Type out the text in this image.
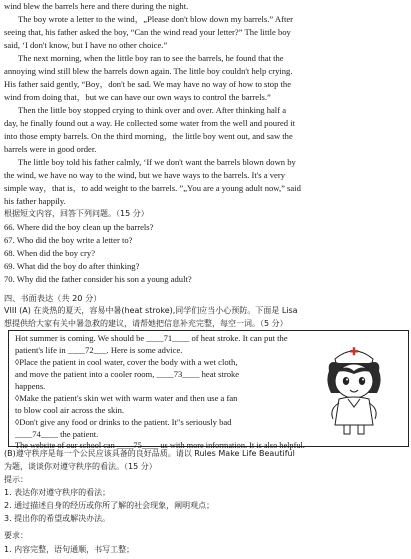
wind blew the barrels here and there during the night.
The boy wrote a letter to the wind，„Please don't blow down my barrels.” After
seeing that, his father asked the boy, “Can the wind read your letter?” The little boy
said, ‘I don't know, but I have no other choice.”
The next morning, when the little boy ran to see the barrels, he found that the
annoying wind still blew the barrels down again. The little boy couldn't help crying.
His father said gently, “Boy，don't be sad. We may have no way of how to stop the
wind from doing that，but we can have our own ways to control the barrels.”
Then the little boy stopped crying to think over and over. After thinking half a
day, he finally found out a way. He collected some water from the well and poured it
into those empty barrels. On the third morning，the little boy went out, and saw the
barrels were in good order.
The little boy told his father calmly, ‘If we don't want the barrels blown down by
the wind, we have no way to the wind, but we have ways to the barrels. It's a very
simple way，that is，to add weight to the barrels. ”„You are a young adult now,” said
his father happily.
根据短文内容，回答下列问题。（15 分）
66. Where did the boy clean up the barrels?
67. Who did the boy write a letter to?
68. When did the boy cry?
69. What did the boy do after thinking?
70. Why did the father consider his son a young adult?
四、书面表达（共 20 分）
VIII (A) 在炎热的夏天，容易中暑(heat stroke),同学们应当小心预防。下面是 Lisa
想提供给大家有关中暑急救的建议，请帮她把信息补充完整，每空一词。（5 分）
Hot summer is coming. We should be ____71____ of heat stroke. It can put the
patient's life in ____72___. Here is some advice.
◊Place the patient in cool water, cover the body with a wet cloth,
and move the patient into a cooler room, ____73____ heat stroke
happens.
◊Make the patient's skin wet with warm water and then use a fan
to blow cool air across the skin.
◊Don't give any food or drinks to the patient. It"s seriously bad
____74____ the patient.
The website of our school can ____75____ us with more information. It is also helpful.
(B)遵守秩序是每一个公民应该具备的良好品质。请以 Rules Make Life Beautiful
为题，谈谈你对遵守秩序的看法。（15 分）
提示：
1. 表达你对遵守秩序的看法；
2. 通过描述自身的经历或你所了解的社会现象，阐明观点；
3. 提出你的希望或解决办法。
要求：
1. 内容完整，语句通顺，书写工整；
